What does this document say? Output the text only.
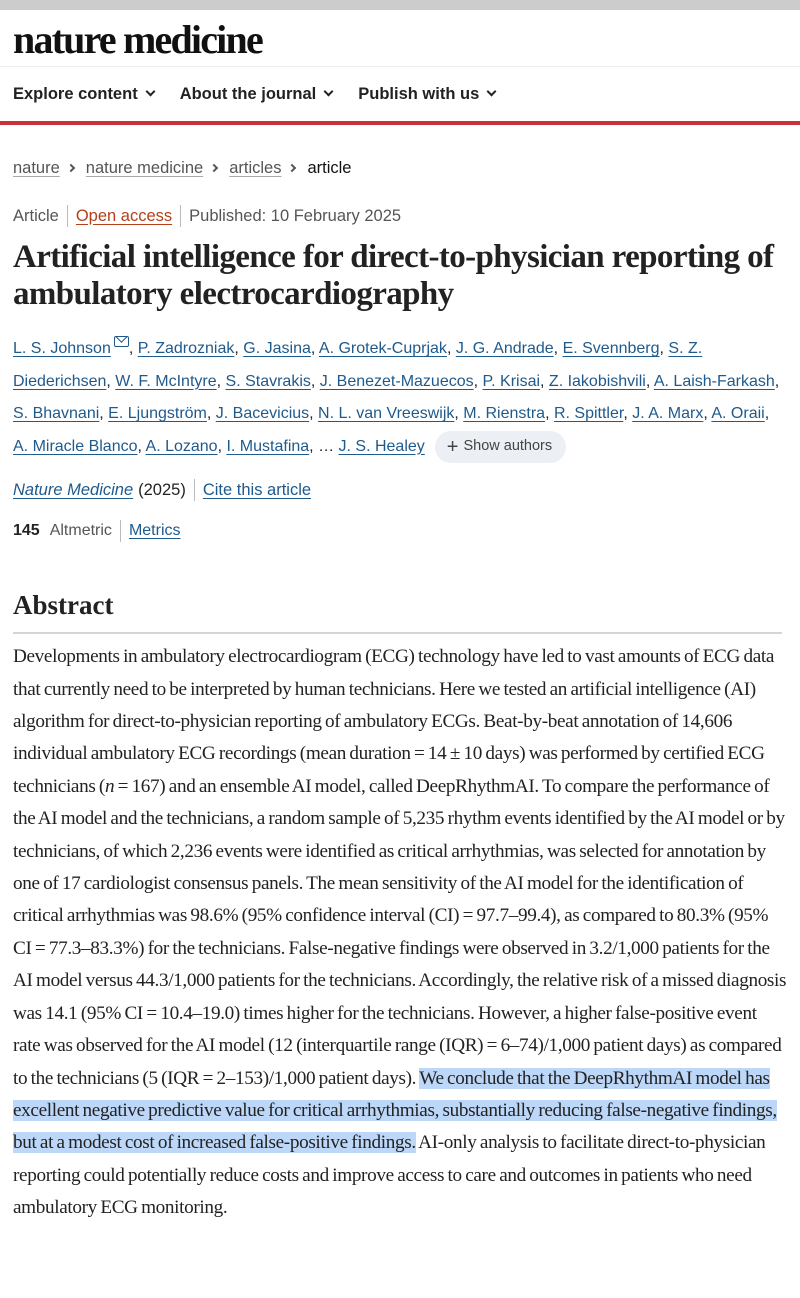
nature medicine
Explore content	About the journal	Publish with us
nature nature medicine articles article
Article Open access Published: 10 February 2025
Artificial intelligence for direct-to-physician reporting of ambulatory electrocardiography
L. S. Johnson , P. Zadrozniak, G. Jasina, A. Grotek-Cuprjak, J. G. Andrade, E. Svennberg, S. Z. Diederichsen, W. F. McIntyre, S. Stavrakis, J. Benezet-Mazuecos, P. Krisai, Z. Iakobishvili, A. Laish-Farkash, S. Bhavnani, E. Ljungström, J. Bacevicius, N. L. van Vreeswijk, M. Rienstra, R. Spittler, J. A. Marx, A. Oraii, A. Miracle Blanco, A. Lozano, I. Mustafina, … J. S. Healey + Show authors
Nature Medicine (2025) Cite this article
145 Altmetric Metrics
Abstract

Developments in ambulatory electrocardiogram (ECG) technology have led to vast amounts of ECG data that currently need to be interpreted by human technicians. Here we tested an artificial intelligence (AI) algorithm for direct-to-physician reporting of ambulatory ECGs. Beat-by-beat annotation of 14,606 individual ambulatory ECG recordings (mean duration = 14 ± 10 days) was performed by certified ECG technicians (n = 167) and an ensemble AI model, called DeepRhythmAI. To compare the performance of the AI model and the technicians, a random sample of 5,235 rhythm events identified by the AI model or by technicians, of which 2,236 events were identified as critical arrhythmias, was selected for annotation by one of 17 cardiologist consensus panels. The mean sensitivity of the AI model for the identification of critical arrhythmias was 98.6% (95% confidence interval (CI) = 97.7–99.4), as compared to 80.3% (95% CI = 77.3–83.3%) for the technicians. False-negative findings were observed in 3.2/1,000 patients for the AI model versus 44.3/1,000 patients for the technicians. Accordingly, the relative risk of a missed diagnosis was 14.1 (95% CI = 10.4–19.0) times higher for the technicians. However, a higher false-positive event rate was observed for the AI model (12 (interquartile range (IQR) = 6–74)/1,000 patient days) as compared to the technicians (5 (IQR = 2–153)/1,000 patient days). We conclude that the DeepRhythmAI model has excellent negative predictive value for critical arrhythmias, substantially reducing false-negative findings, but at a modest cost of increased false-positive findings. AI-only analysis to facilitate direct-to-physician reporting could potentially reduce costs and improve access to care and outcomes in patients who need ambulatory ECG monitoring.
